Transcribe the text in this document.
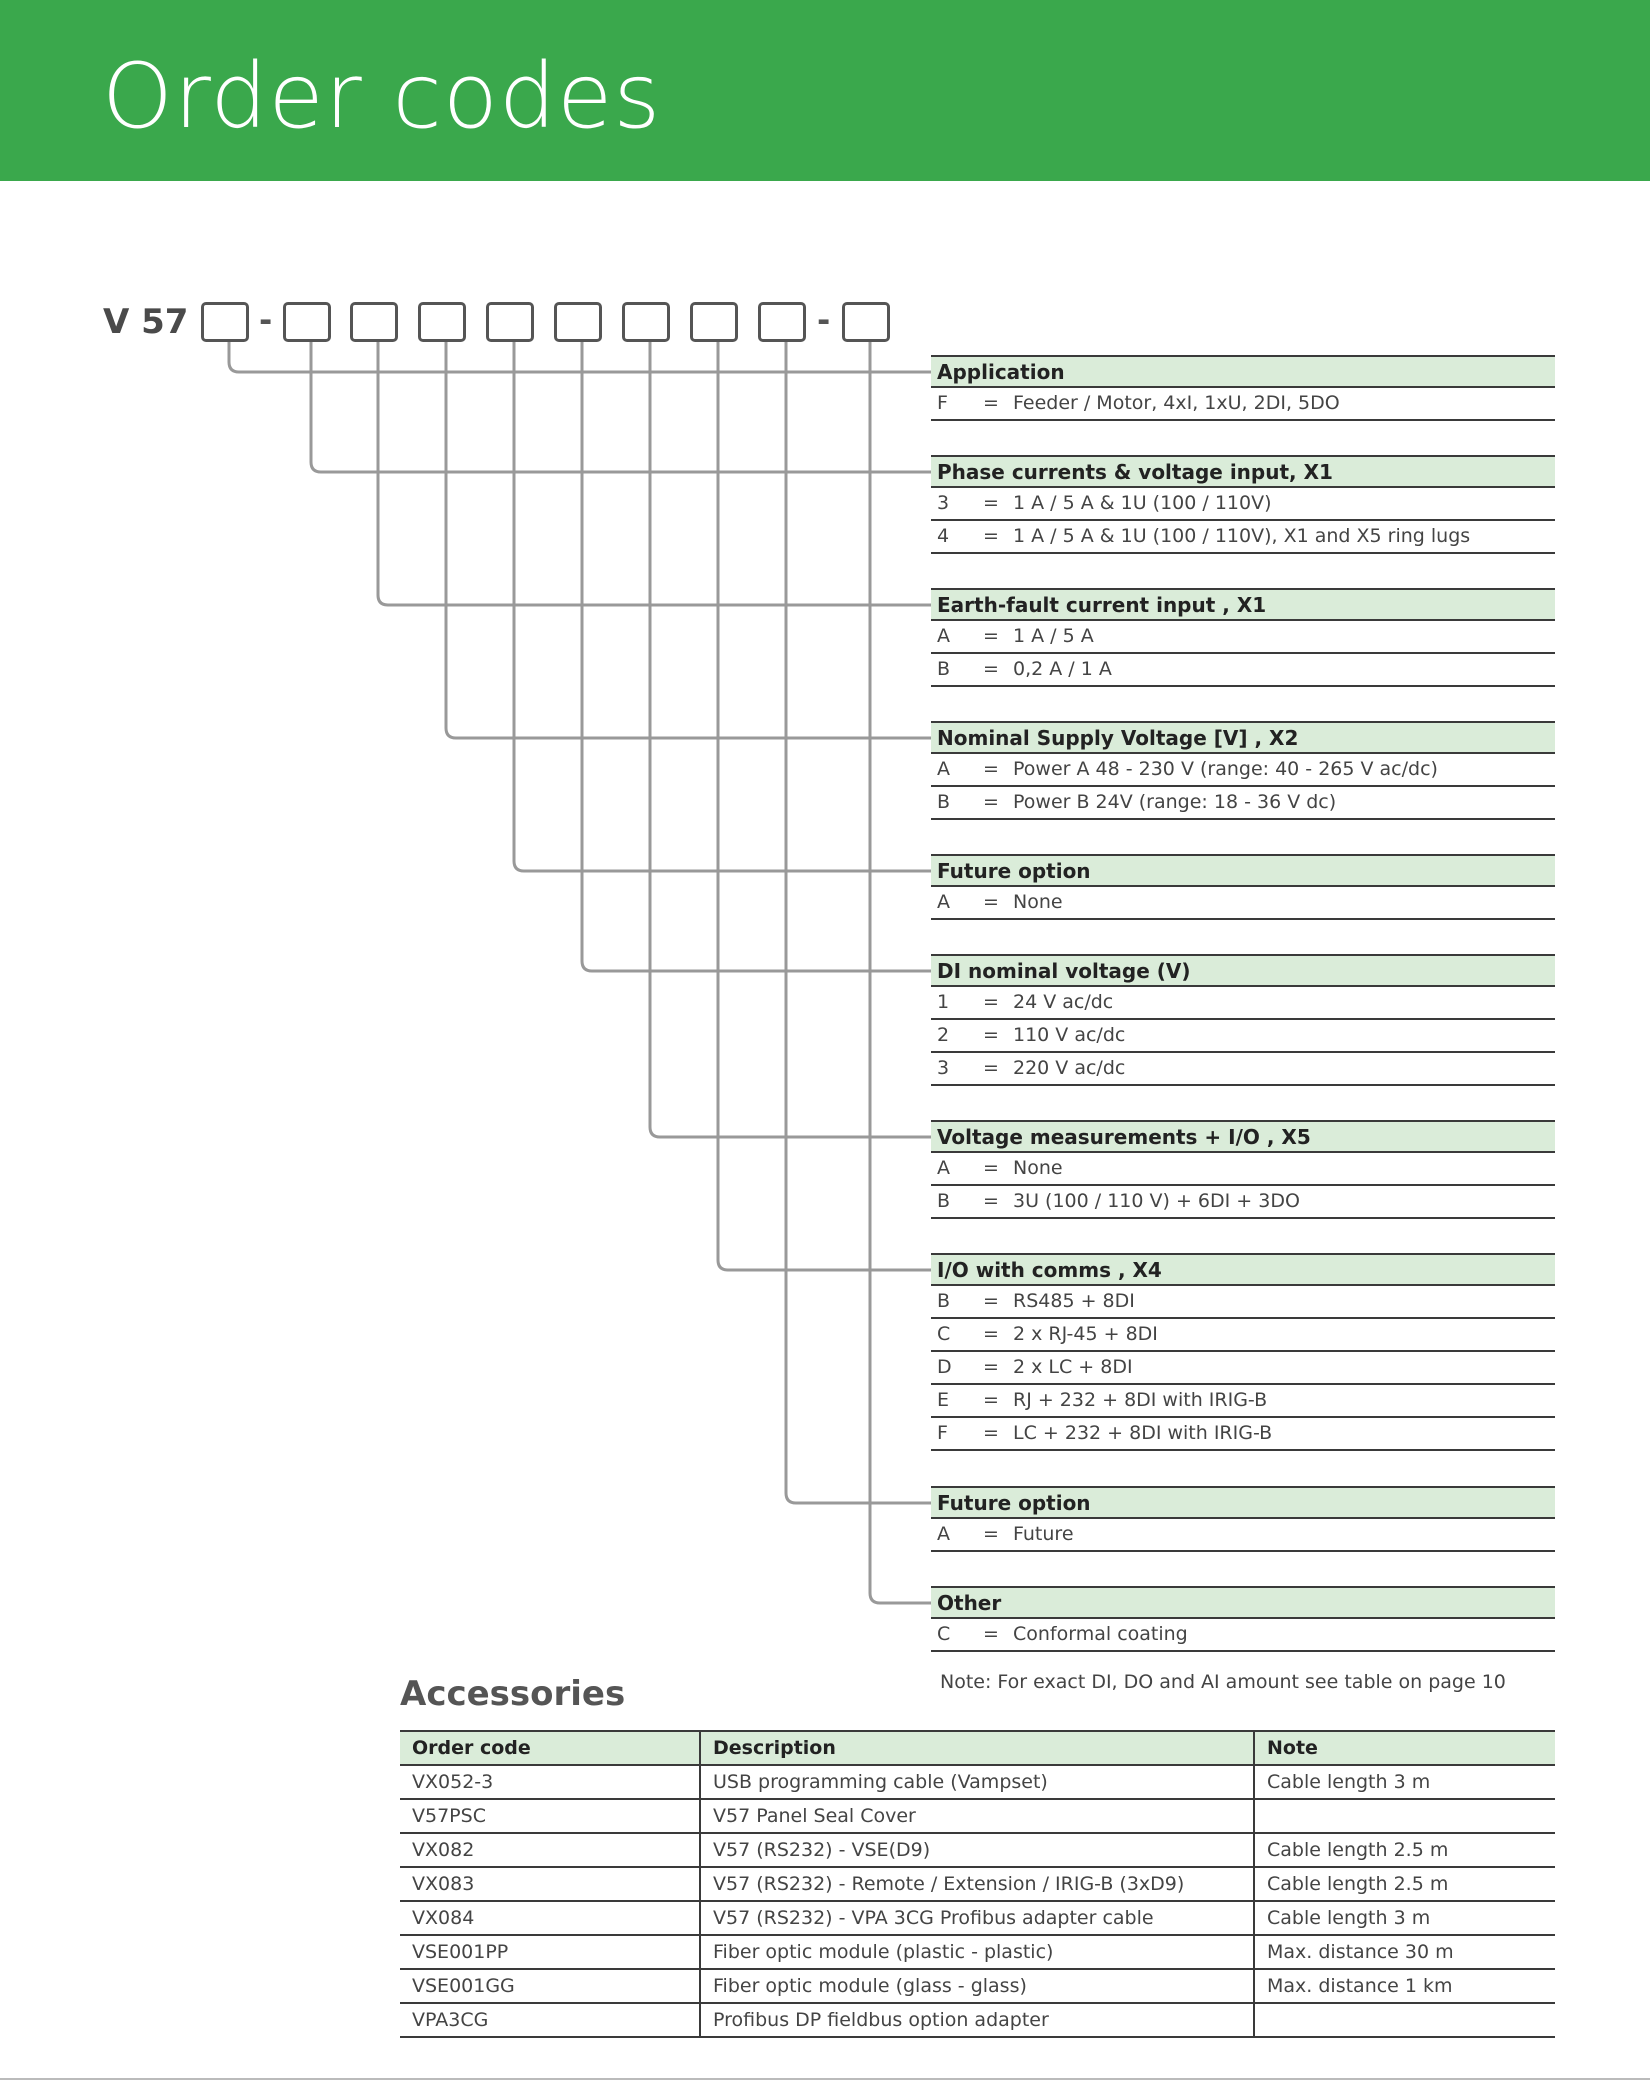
Order codes
V 57 -	-
Application
F	= Feeder / Motor, 4xI, 1xU, 2DI, 5DO
Phase currents & voltage input, X1
3	= 1 A / 5 A & 1U (100 / 110V)
4	= 1 A / 5 A & 1U (100 / 110V), X1 and X5 ring lugs
Earth-fault current input , X1
A	= 1 A / 5 A
B	= 0,2 A / 1 A
Nominal Supply Voltage [V] , X2
A	= Power A 48 - 230 V (range: 40 - 265 V ac/dc)
B	= Power B 24V (range: 18 - 36 V dc)
Future option
A	= None
DI nominal voltage (V)
1	= 24 V ac/dc
2	= 110 V ac/dc
3	= 220 V ac/dc
Voltage measurements + I/O , X5
A	= None
B	= 3U (100 / 110 V) + 6DI + 3DO
I/O with comms , X4
B	= RS485 + 8DI
C	= 2 x RJ-45 + 8DI
D	= 2 x LC + 8DI
E	= RJ + 232 + 8DI with IRIG-B
F	= LC + 232 + 8DI with IRIG-B
Future option
A	= Future
Other
C	= Conformal coating
Note: For exact DI, DO and AI amount see table on page 10
Accessories
Order code	Description	Note
VX052-3	USB programming cable (Vampset)	Cable length 3 m
V57PSC	V57 Panel Seal Cover	
VX082	V57 (RS232) - VSE(D9)	Cable length 2.5 m
VX083	V57 (RS232) - Remote / Extension / IRIG-B (3xD9)	Cable length 2.5 m
VX084	V57 (RS232) - VPA 3CG Profibus adapter cable	Cable length 3 m
VSE001PP	Fiber optic module (plastic - plastic)	Max. distance 30 m
VSE001GG	Fiber optic module (glass - glass)	Max. distance 1 km
VPA3CG	Profibus DP fieldbus option adapter	
